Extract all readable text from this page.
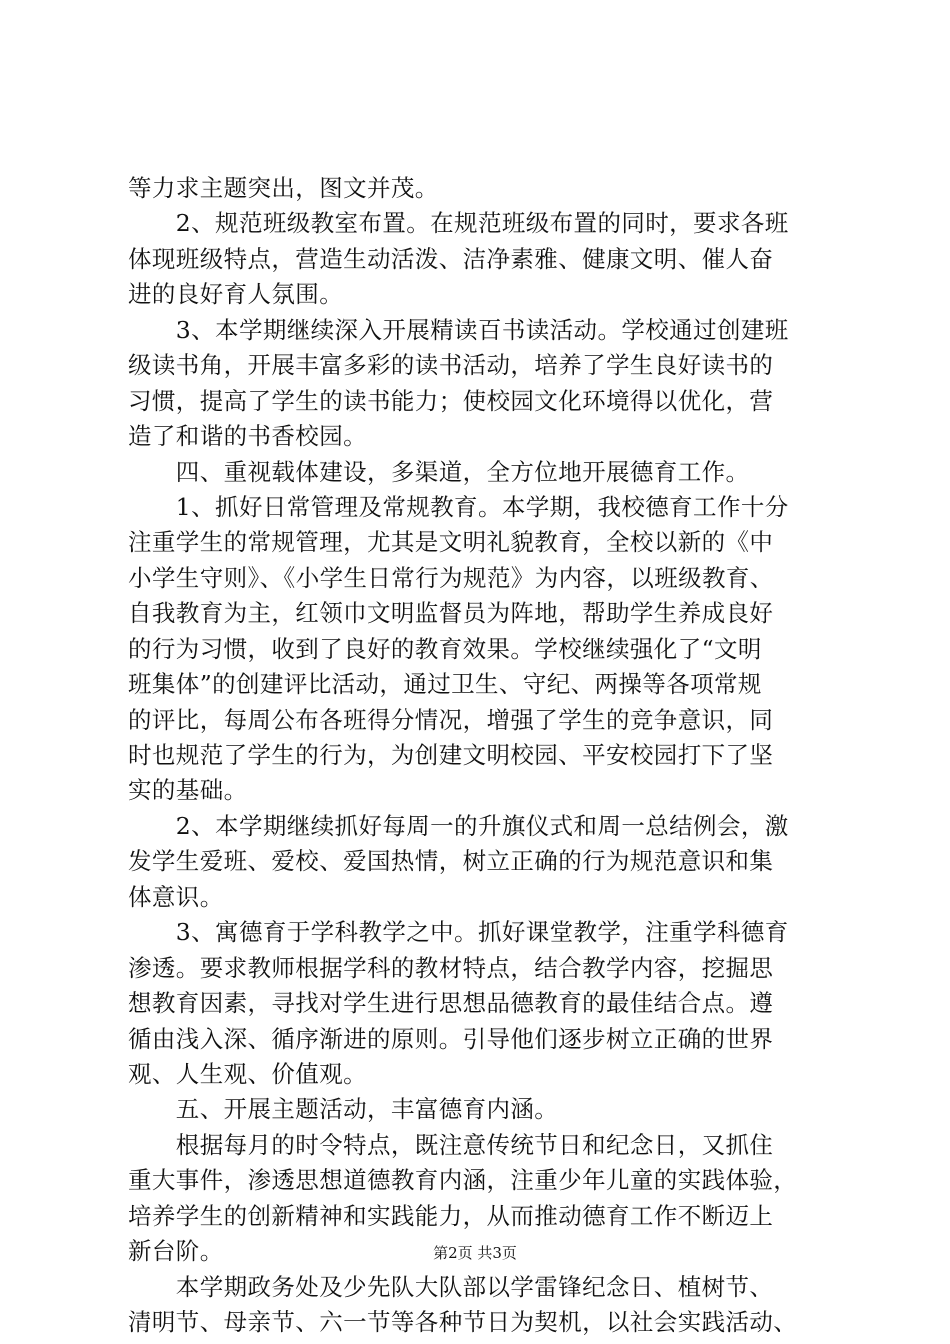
等力求主题突出，图文并茂。
　　2、规范班级教室布置。在规范班级布置的同时，要求各班
体现班级特点，营造生动活泼、洁净素雅、健康文明、催人奋
进的良好育人氛围。
　　3、本学期继续深入开展精读百书读活动。学校通过创建班
级读书角，开展丰富多彩的读书活动，培养了学生良好读书的
习惯，提高了学生的读书能力；使校园文化环境得以优化，营
造了和谐的书香校园。
　　四、重视载体建设，多渠道，全方位地开展德育工作。
　　1、抓好日常管理及常规教育。本学期，我校德育工作十分
注重学生的常规管理，尤其是文明礼貌教育，全校以新的《中
小学生守则》、《小学生日常行为规范》为内容，以班级教育、
自我教育为主，红领巾文明监督员为阵地，帮助学生养成良好
的行为习惯，收到了良好的教育效果。学校继续强化了“文明
班集体”的创建评比活动，通过卫生、守纪、两操等各项常规
的评比，每周公布各班得分情况，增强了学生的竞争意识，同
时也规范了学生的行为，为创建文明校园、平安校园打下了坚
实的基础。
　　2、本学期继续抓好每周一的升旗仪式和周一总结例会，激
发学生爱班、爱校、爱国热情，树立正确的行为规范意识和集
体意识。
　　3、寓德育于学科教学之中。抓好课堂教学，注重学科德育
渗透。要求教师根据学科的教材特点，结合教学内容，挖掘思
想教育因素，寻找对学生进行思想品德教育的最佳结合点。遵
循由浅入深、循序渐进的原则。引导他们逐步树立正确的世界
观、人生观、价值观。
　　五、开展主题活动，丰富德育内涵。
　　根据每月的时令特点，既注意传统节日和纪念日，又抓住
重大事件，渗透思想道德教育内涵，注重少年儿童的实践体验，
培养学生的创新精神和实践能力，从而推动德育工作不断迈上
新台阶。
　　本学期政务处及少先队大队部以学雷锋纪念日、植树节、
清明节、母亲节、六一节等各种节日为契机，以社会实践活动、
第2页 共3页
